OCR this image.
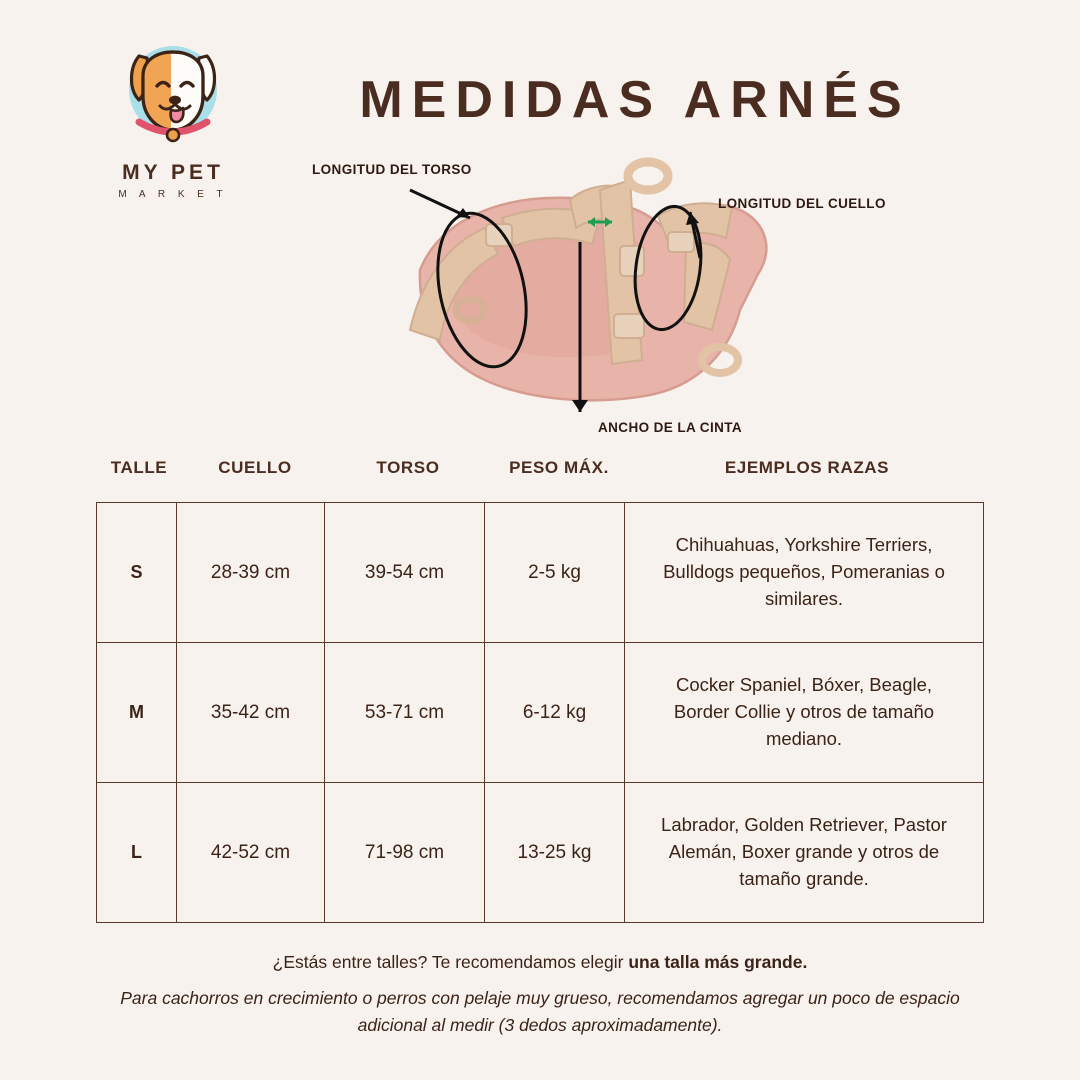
MY PET
M A R K E T
MEDIDAS ARNÉS
LONGITUD DEL TORSO
LONGITUD DEL CUELLO
ANCHO DE LA CINTA
TALLE	CUELLO	TORSO	PESO MÁX.	EJEMPLOS RAZAS
S	28-39 cm	39-54 cm	2-5 kg	Chihuahuas, Yorkshire Terriers, Bulldogs pequeños, Pomeranias o similares.
M	35-42 cm	53-71 cm	6-12 kg	Cocker Spaniel, Bóxer, Beagle, Border Collie y otros de tamaño mediano.
L	42-52 cm	71-98 cm	13-25 kg	Labrador, Golden Retriever, Pastor Alemán, Boxer grande y otros de tamaño grande.
¿Estás entre talles? Te recomendamos elegir una talla más grande.
Para cachorros en crecimiento o perros con pelaje muy grueso, recomendamos agregar un poco de espacio adicional al medir (3 dedos aproximadamente).
